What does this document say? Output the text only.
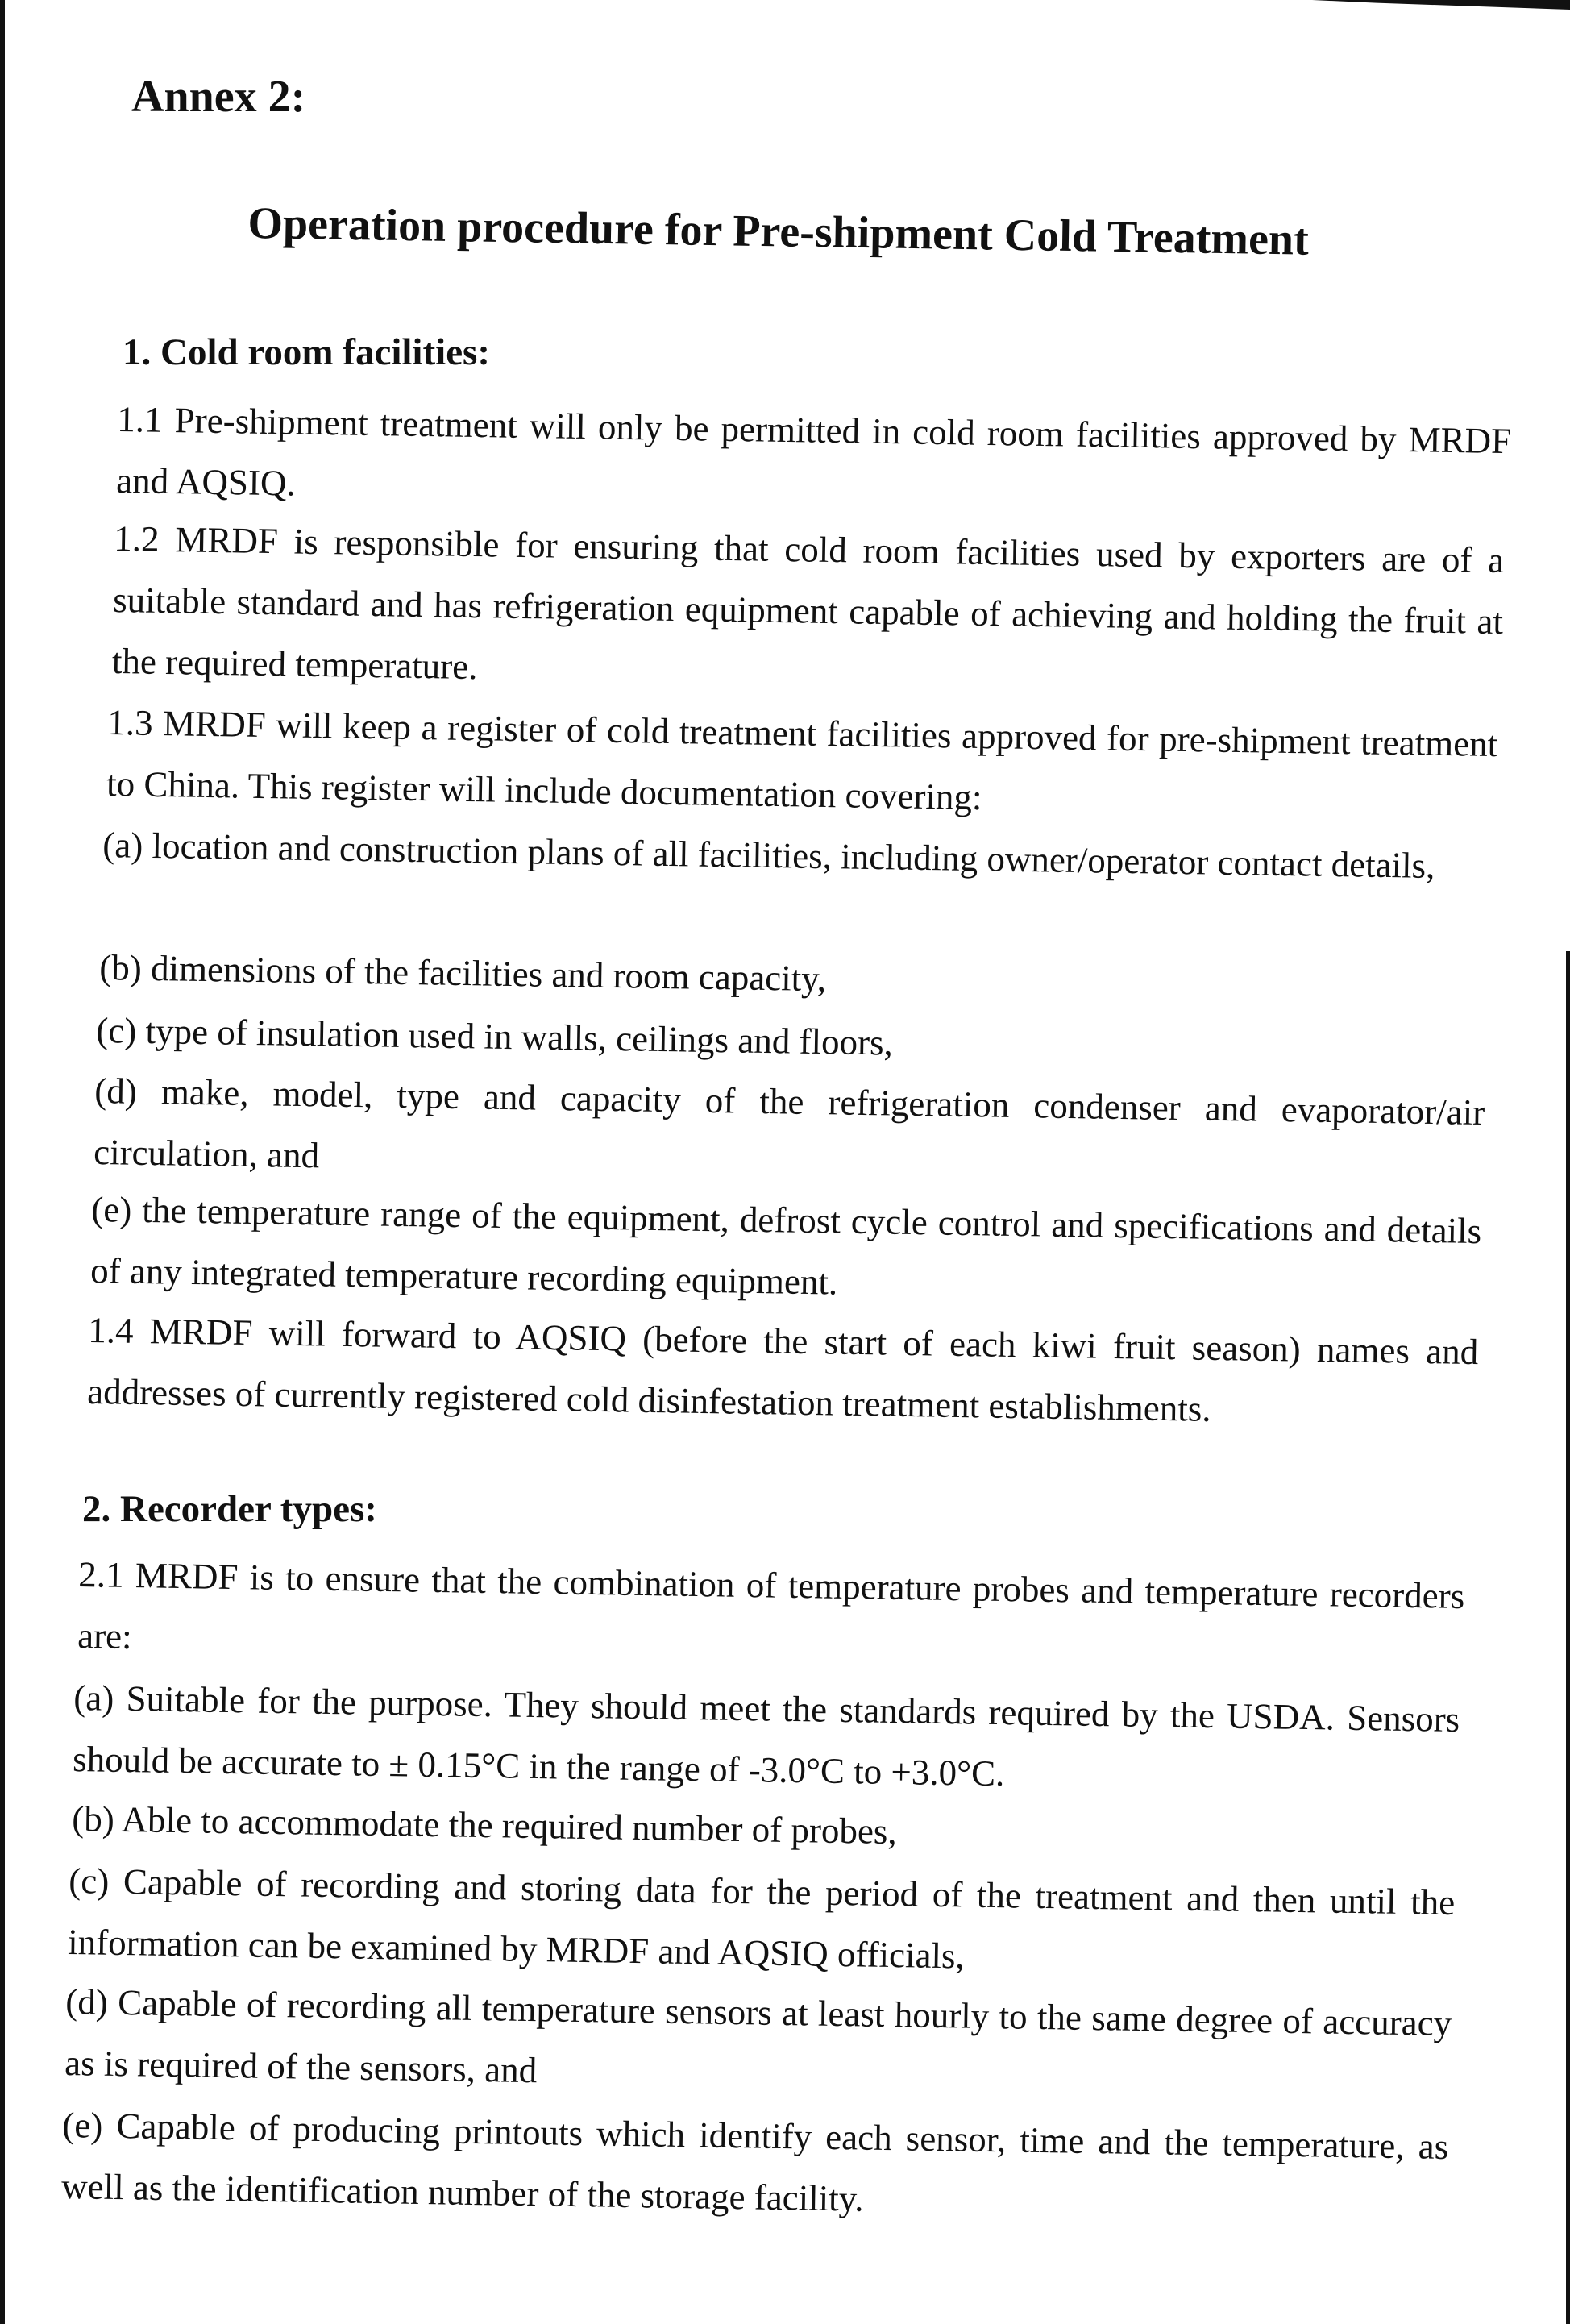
Annex 2:
Operation procedure for Pre-shipment Cold Treatment
1. Cold room facilities:
1.1 Pre-shipment treatment will only be permitted in cold room facilities approved by MRDF and AQSIQ.
1.2 MRDF is responsible for ensuring that cold room facilities used by exporters are of a suitable standard and has refrigeration equipment capable of achieving and holding the fruit at the required temperature.
1.3 MRDF will keep a register of cold treatment facilities approved for pre-shipment treatment to China. This register will include documentation covering:
(a) location and construction plans of all facilities, including owner/operator contact details,
(b) dimensions of the facilities and room capacity,
(c) type of insulation used in walls, ceilings and floors,
(d) make, model, type and capacity of the refrigeration condenser and evaporator/air circulation, and
(e) the temperature range of the equipment, defrost cycle control and specifications and details of any integrated temperature recording equipment.
1.4 MRDF will forward to AQSIQ (before the start of each kiwi fruit season) names and addresses of currently registered cold disinfestation treatment establishments.
2. Recorder types:
2.1 MRDF is to ensure that the combination of temperature probes and temperature recorders are:
(a) Suitable for the purpose. They should meet the standards required by the USDA. Sensors should be accurate to ± 0.15°C in the range of -3.0°C to +3.0°C.
(b) Able to accommodate the required number of probes,
(c) Capable of recording and storing data for the period of the treatment and then until the information can be examined by MRDF and AQSIQ officials,
(d) Capable of recording all temperature sensors at least hourly to the same degree of accuracy as is required of the sensors, and
(e) Capable of producing printouts which identify each sensor, time and the temperature, as well as the identification number of the storage facility.
